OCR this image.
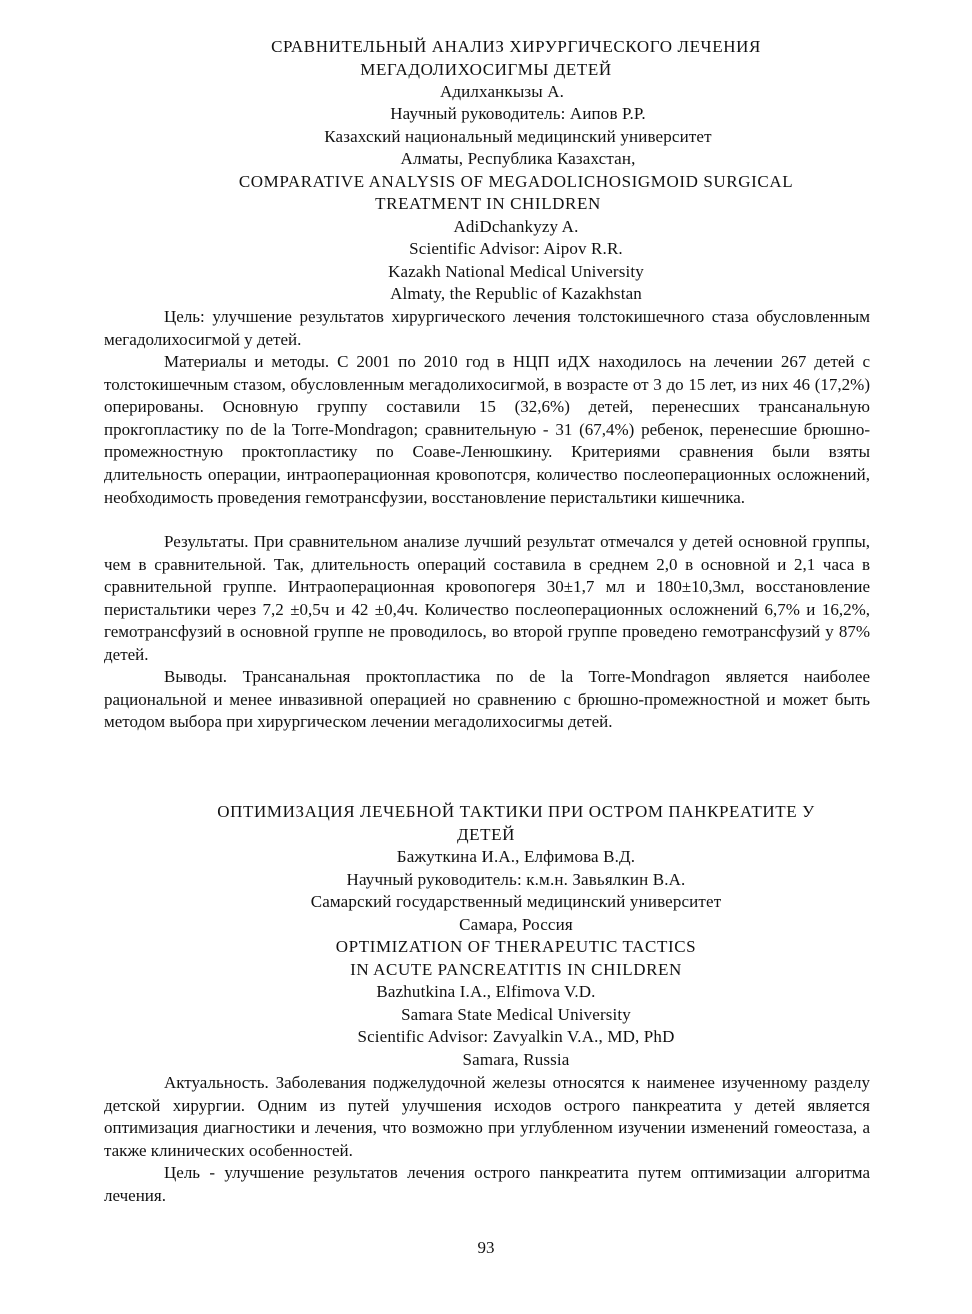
СРАВНИТЕЛЬНЫЙ АНАЛИЗ ХИРУРГИЧЕСКОГО ЛЕЧЕНИЯ
МЕГАДОЛИХОСИГМЫ ДЕТЕЙ
Адилханкызы А.
Научный руководитель: Аипов Р.Р.
Казахский национальный медицинский университет
Алматы, Республика Казахстан,
COMPARATIVE ANALYSIS OF MEGADOLICHOSIGMOID SURGICAL
TREATMENT IN CHILDREN
AdiDchankyzy A.
Scientific Advisor: Aipov R.R.
Kazakh National Medical University
Almaty, the Republic of Kazakhstan
Цель: улучшение результатов хирургического лечения толстокишечного стаза обусловленным мегадолихосигмой у детей.
Материалы и методы. С 2001 по 2010 год в НЦП иДХ находилось на лечении 267 детей с толстокишечным стазом, обусловленным мегадолихосигмой, в возрасте от 3 до 15 лет, из них 46 (17,2%) оперированы. Основную группу составили 15 (32,6%) детей, перенесших трансанальную прокгопластику по de la Torre-Mondragon; сравнительную - 31 (67,4%) ребенок, перенесшие брюшно-промежностную проктопластику по Соаве-Ленюшкину. Критериями сравнения были взяты длительность операции, интраоперационная кровопотсря, количество послеоперационных осложнений, необходимость проведения гемотрансфузии, восстановление перистальтики кишечника.
Результаты. При сравнительном анализе лучший результат отмечался у детей основной группы, чем в сравнительной. Так, длительность операций составила в среднем 2,0 в основной и 2,1 часа в сравнительной группе. Интраоперационная кровопогеря 30±1,7 мл и 180±10,3мл, восстановление перистальтики через 7,2 ±0,5ч и 42 ±0,4ч. Количество послеоперационных осложнений 6,7% и 16,2%, гемотрансфузий в основной группе не проводилось, во второй группе проведено гемотрансфузий у 87% детей.
Выводы. Трансанальная проктопластика по de la Torre-Mondragon является наиболее рациональной и менее инвазивной операцией но сравнению с брюшно-промежностной и может быть методом выбора при хирургическом лечении мегадолихосигмы детей.
ОПТИМИЗАЦИЯ ЛЕЧЕБНОЙ ТАКТИКИ ПРИ ОСТРОМ ПАНКРЕАТИТЕ У
ДЕТЕЙ
Бажуткина И.А., Елфимова В.Д.
Научный руководитель: к.м.н. Завьялкин В.А.
Самарский государственный медицинский университет
Самара, Россия
OPTIMIZATION OF THERAPEUTIC TACTICS
IN ACUTE PANCREATITIS IN CHILDREN
Bazhutkina I.A., Elfimova V.D.
Samara State Medical University
Scientific Advisor: Zavyalkin V.A., MD, PhD
Samara, Russia
Актуальность. Заболевания поджелудочной железы относятся к наименее изученному разделу детской хирургии. Одним из путей улучшения исходов острого панкреатита у детей является оптимизация диагностики и лечения, что возможно при углубленном изучении изменений гомеостаза, а также клинических особенностей.
Цель - улучшение результатов лечения острого панкреатита путем оптимизации алгоритма лечения.
93
